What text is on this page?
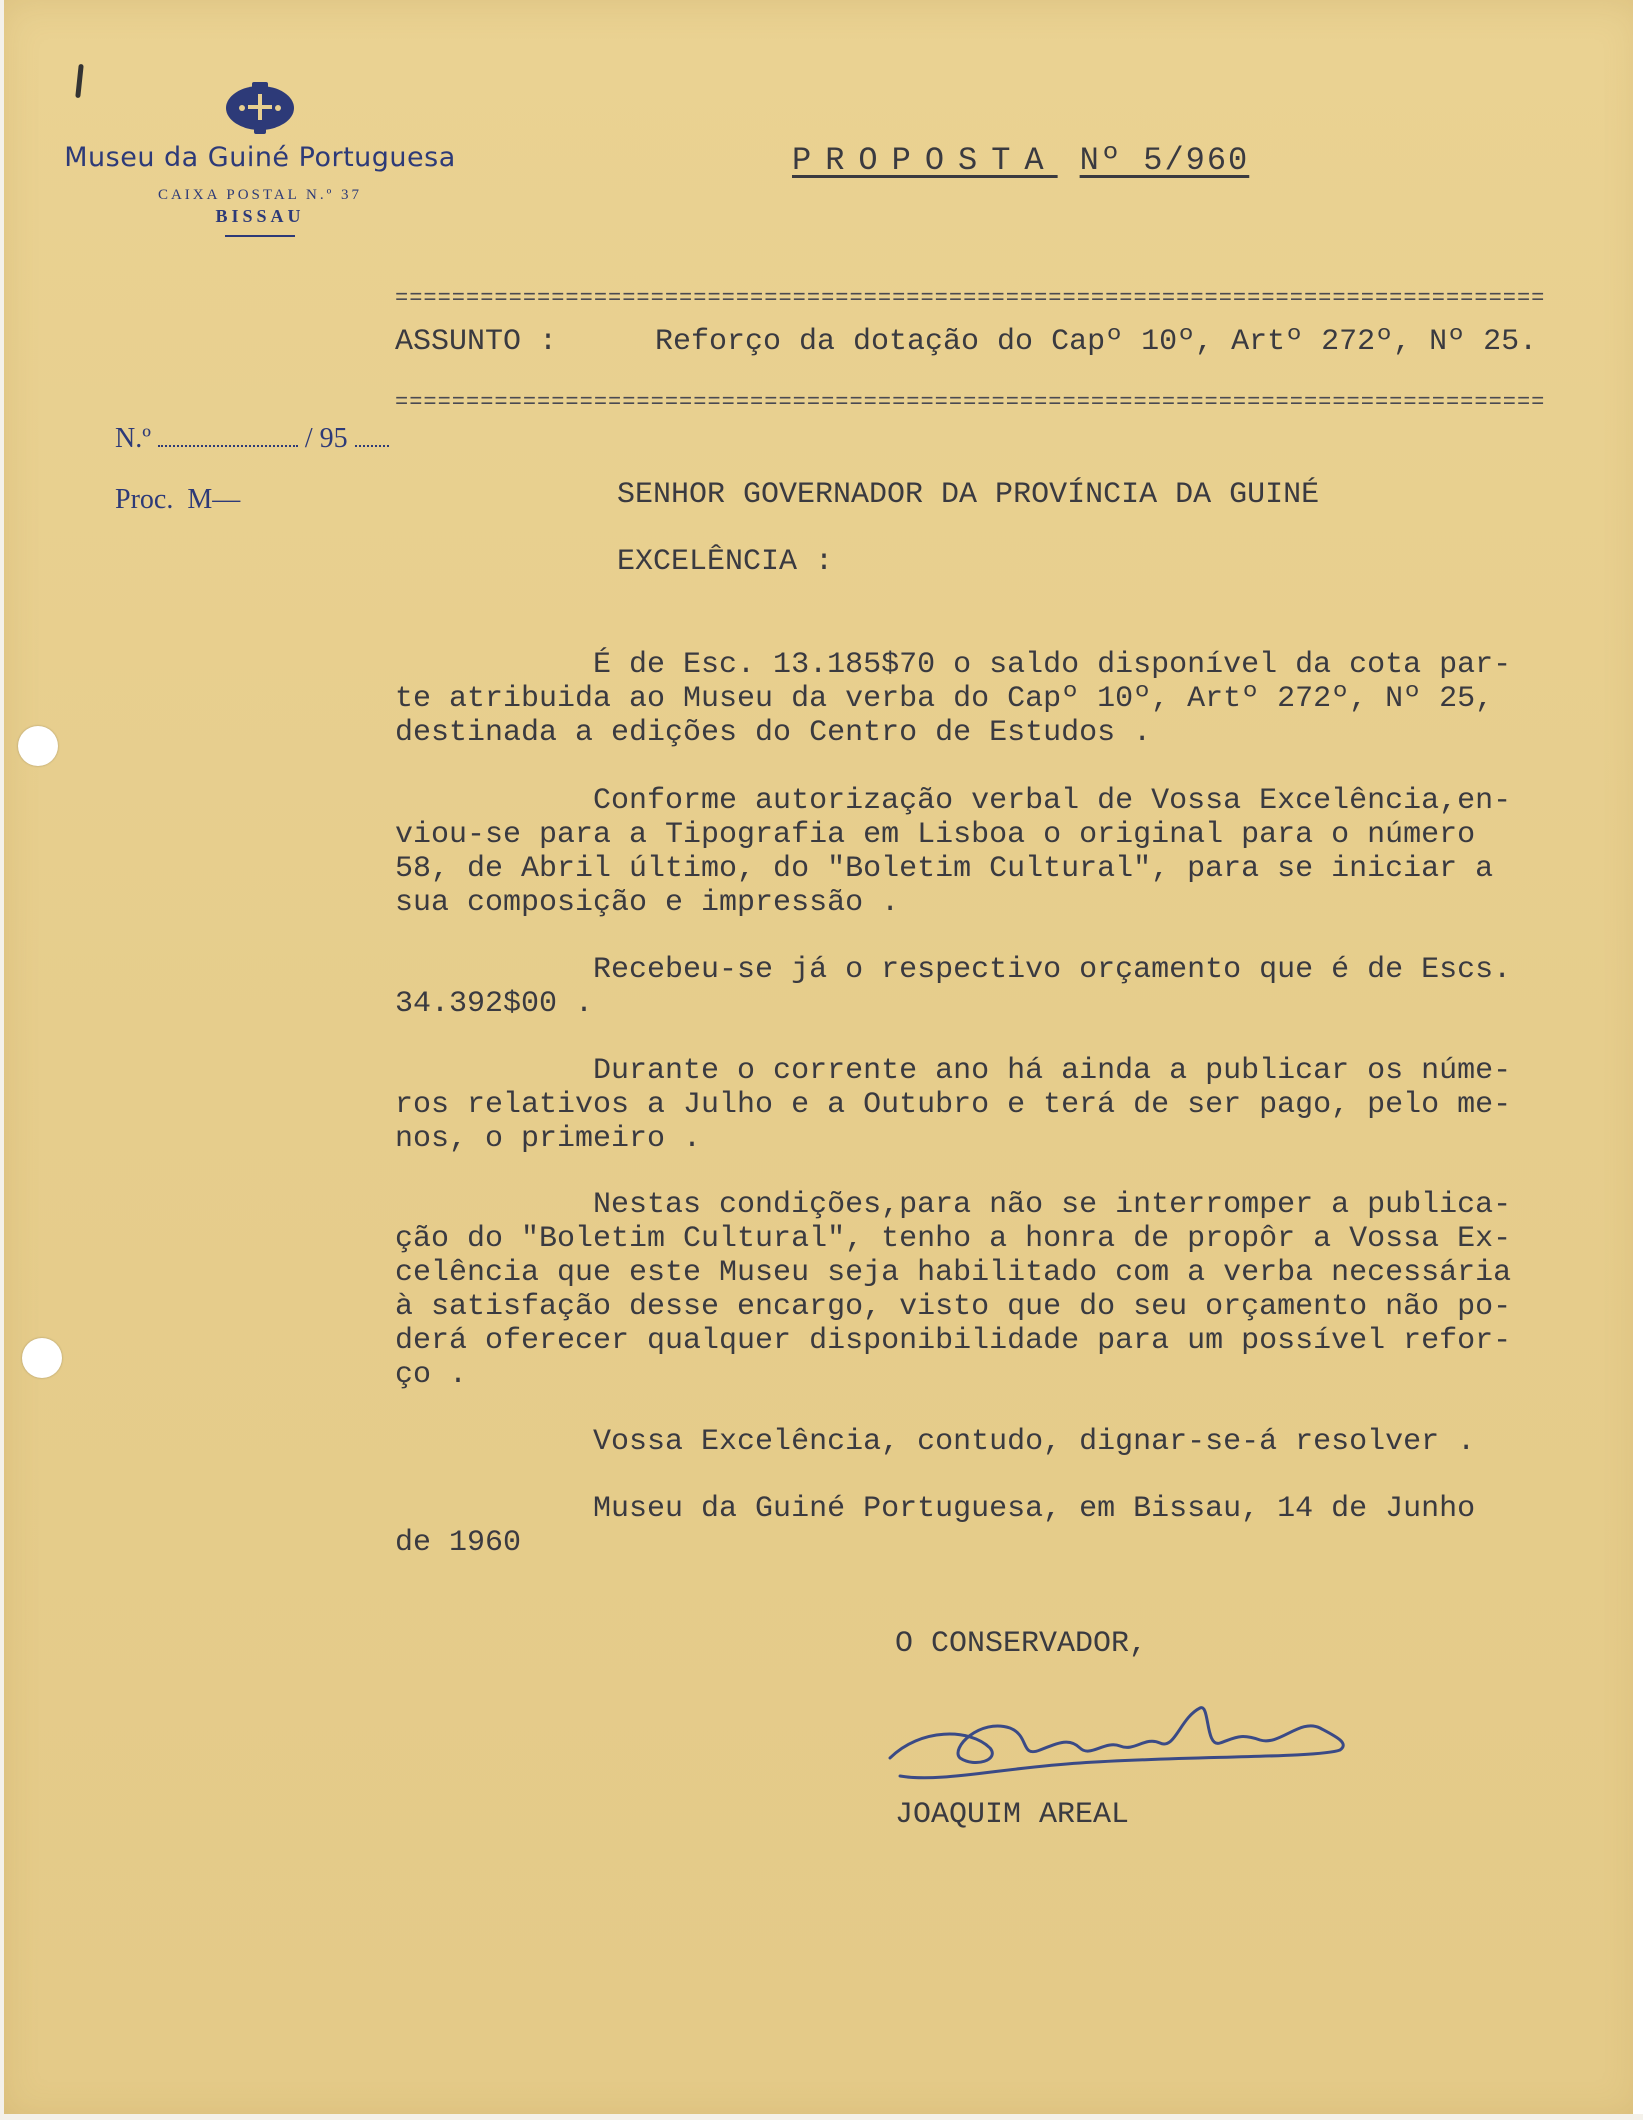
Museu da Guiné Portuguesa
CAIXA POSTAL N.º 37
BISSAU
PROPOSTA Nº 5/960
=================================================================================
ASSUNTO :	Reforço da dotação do Capº 10º, Artº 272º, Nº 25.
=================================================================================
N.º	/ 95
Proc.  M—	SENHOR GOVERNADOR DA PROVÍNCIA DA GUINÉ
EXCELÊNCIA :
É de Esc. 13.185$70 o saldo disponível da cota par-
te atribuida ao Museu da verba do Capº 10º, Artº 272º, Nº 25,
destinada a edições do Centro de Estudos .
Conforme autorização verbal de Vossa Excelência,en-
viou-se para a Tipografia em Lisboa o original para o número
58, de Abril último, do "Boletim Cultural", para se iniciar a
sua composição e impressão .
Recebeu-se já o respectivo orçamento que é de Escs.
34.392$00 .
Durante o corrente ano há ainda a publicar os núme-
ros relativos a Julho e a Outubro e terá de ser pago, pelo me-
nos, o primeiro .
Nestas condições,para não se interromper a publica-
ção do "Boletim Cultural", tenho a honra de propôr a Vossa Ex-
celência que este Museu seja habilitado com a verba necessária
à satisfação desse encargo, visto que do seu orçamento não po-
derá oferecer qualquer disponibilidade para um possível refor-
ço .
Vossa Excelência, contudo, dignar-se-á resolver .
Museu da Guiné Portuguesa, em Bissau, 14 de Junho
de 1960
O CONSERVADOR,
JOAQUIM AREAL
